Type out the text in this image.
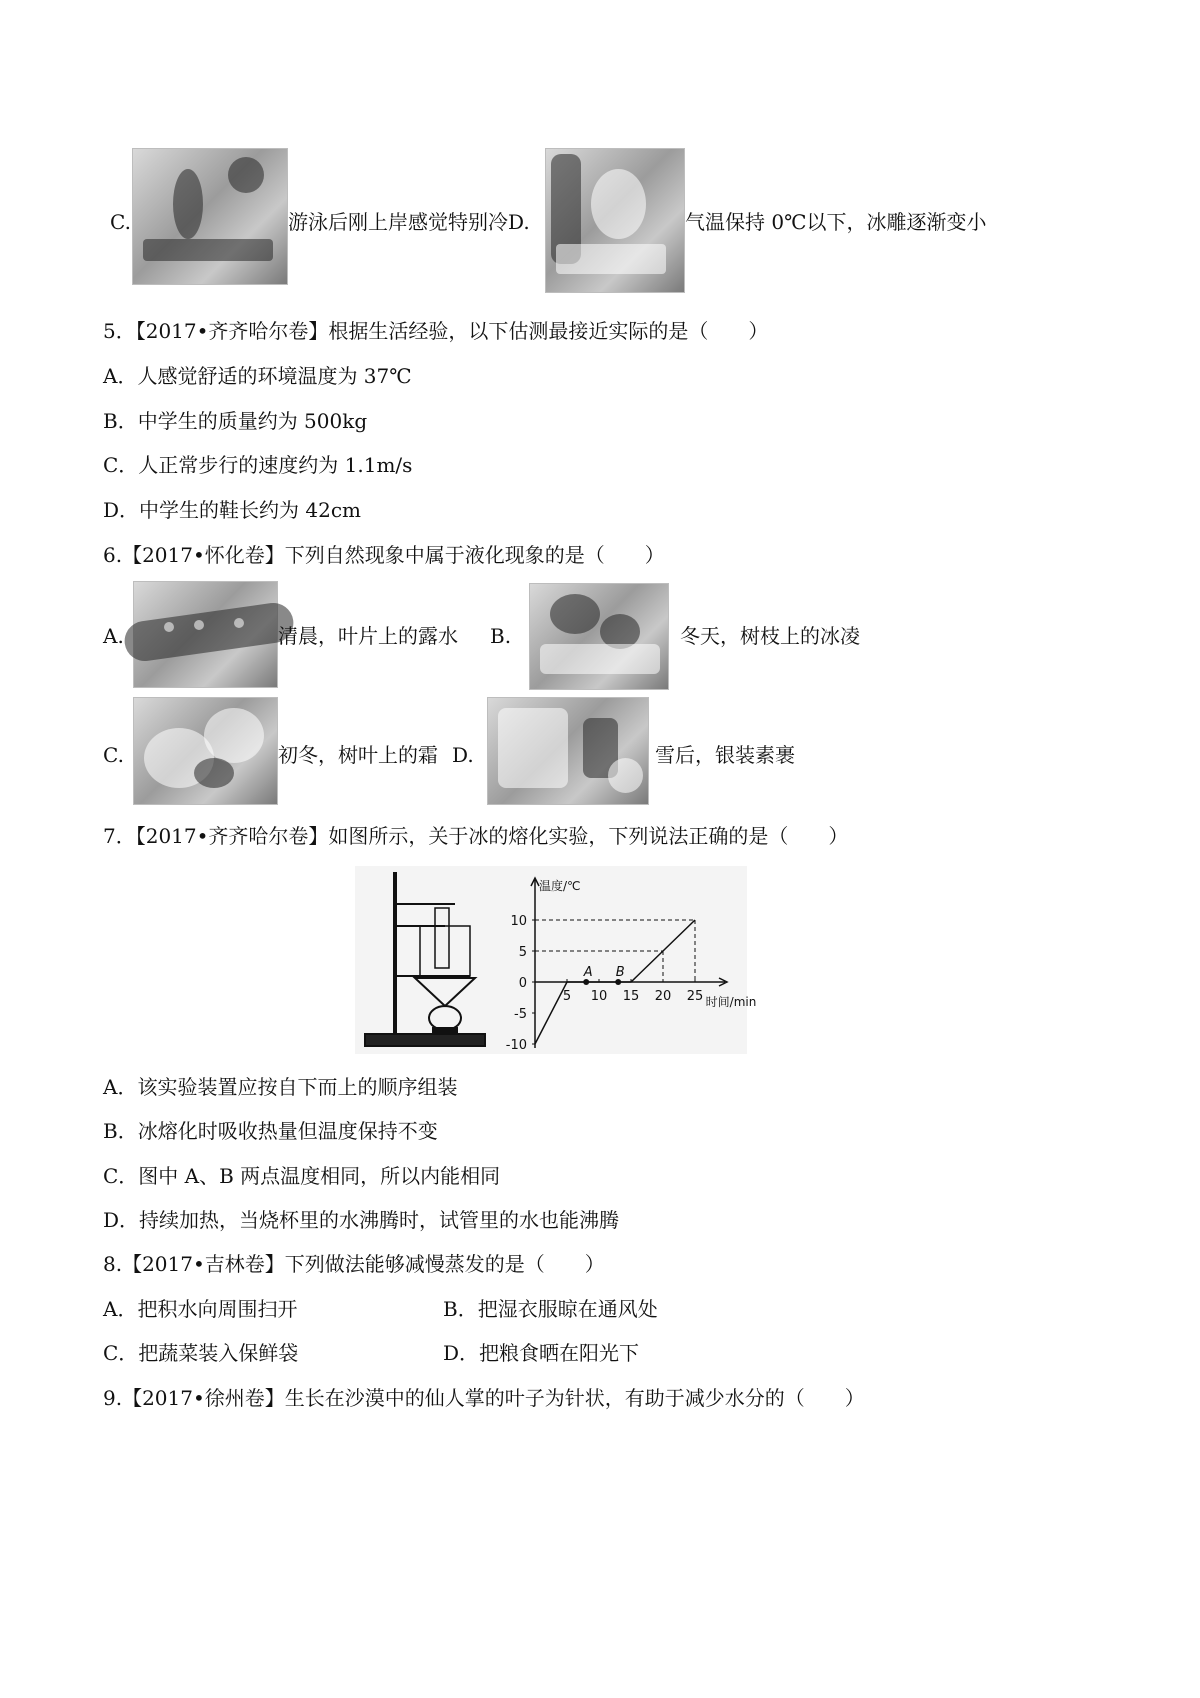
C.	游泳后刚上岸感觉特别冷 D.	气温保持 0℃以下，冰雕逐渐变小
5．【2017•齐齐哈尔卷】根据生活经验，以下估测最接近实际的是（　　）
A．人感觉舒适的环境温度为 37℃
B．中学生的质量约为 500kg
C．人正常步行的速度约为 1.1m/s
D．中学生的鞋长约为 42cm
6.【2017•怀化卷】下列自然现象中属于液化现象的是（　　）
A.	清晨，叶片上的露水 B.	冬天，树枝上的冰凌
C.	初冬，树叶上的霜 D.	雪后，银装素裹
7．【2017•齐齐哈尔卷】如图所示，关于冰的熔化实验，下列说法正确的是（　　）
温度/℃
时间/min
10
5
0
-5
-10
5 10 15 20 25
A B
A．该实验装置应按自下而上的顺序组装
B．冰熔化时吸收热量但温度保持不变
C．图中 A、B 两点温度相同，所以内能相同
D．持续加热，当烧杯里的水沸腾时，试管里的水也能沸腾
8.【2017•吉林卷】下列做法能够减慢蒸发的是（　　）
A．把积水向周围扫开	B．把湿衣服晾在通风处
C．把蔬菜装入保鲜袋	D．把粮食晒在阳光下
9.【2017•徐州卷】生长在沙漠中的仙人掌的叶子为针状，有助于减少水分的（　　）
